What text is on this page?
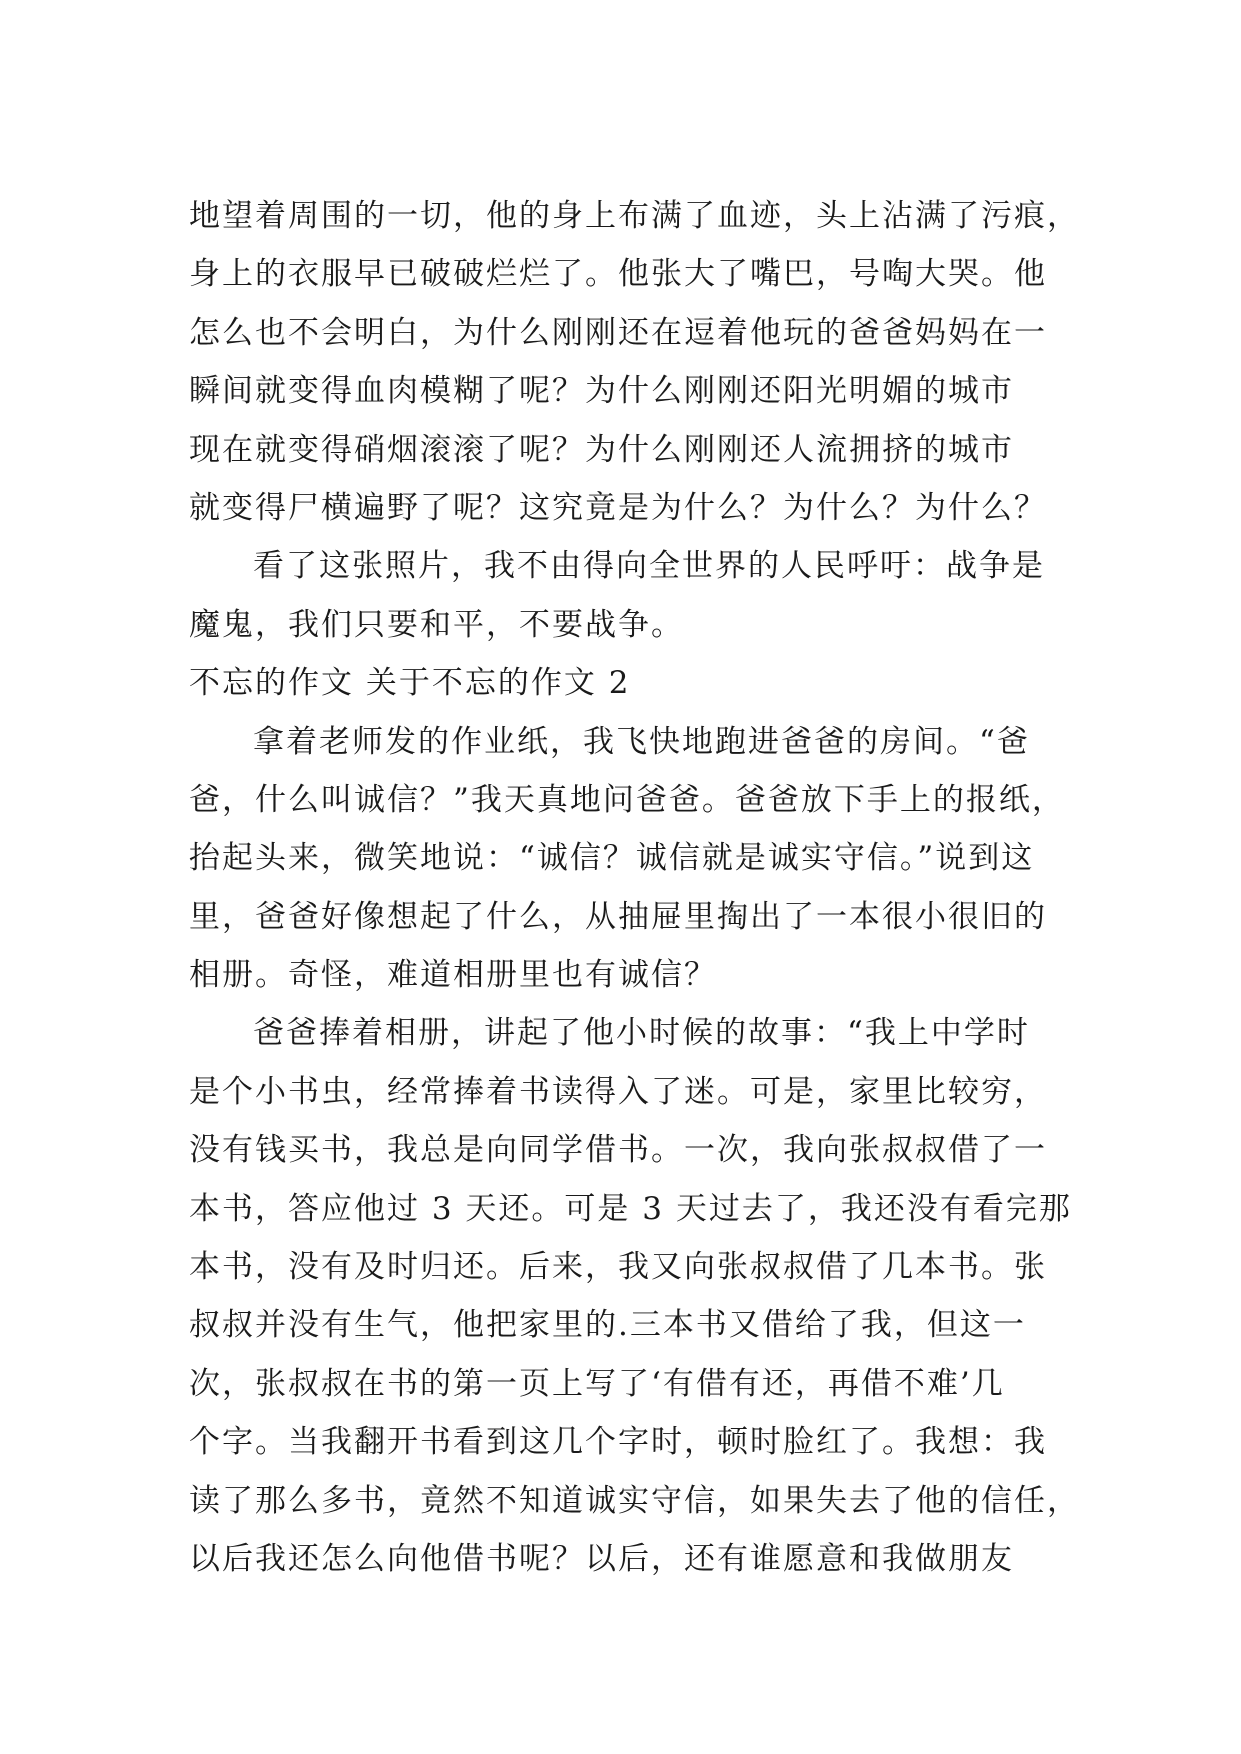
地望着周围的一切，他的身上布满了血迹，头上沾满了污痕，
身上的衣服早已破破烂烂了。他张大了嘴巴，号啕大哭。他
怎么也不会明白，为什么刚刚还在逗着他玩的爸爸妈妈在一
瞬间就变得血肉模糊了呢？为什么刚刚还阳光明媚的城市
现在就变得硝烟滚滚了呢？为什么刚刚还人流拥挤的城市
就变得尸横遍野了呢？这究竟是为什么？为什么？为什么？
看了这张照片，我不由得向全世界的人民呼吁：战争是
魔鬼，我们只要和平，不要战争。
不忘的作文 关于不忘的作文 2
拿着老师发的作业纸，我飞快地跑进爸爸的房间。“爸
爸，什么叫诚信？”我天真地问爸爸。爸爸放下手上的报纸，
抬起头来，微笑地说：“诚信？诚信就是诚实守信。”说到这
里，爸爸好像想起了什么，从抽屉里掏出了一本很小很旧的
相册。奇怪，难道相册里也有诚信？
爸爸捧着相册，讲起了他小时候的故事：“我上中学时
是个小书虫，经常捧着书读得入了迷。可是，家里比较穷，
没有钱买书，我总是向同学借书。一次，我向张叔叔借了一
本书，答应他过 3 天还。可是 3 天过去了，我还没有看完那
本书，没有及时归还。后来，我又向张叔叔借了几本书。张
叔叔并没有生气，他把家里的.三本书又借给了我，但这一
次，张叔叔在书的第一页上写了‘有借有还，再借不难’几
个字。当我翻开书看到这几个字时，顿时脸红了。我想：我
读了那么多书，竟然不知道诚实守信，如果失去了他的信任，
以后我还怎么向他借书呢？以后，还有谁愿意和我做朋友
